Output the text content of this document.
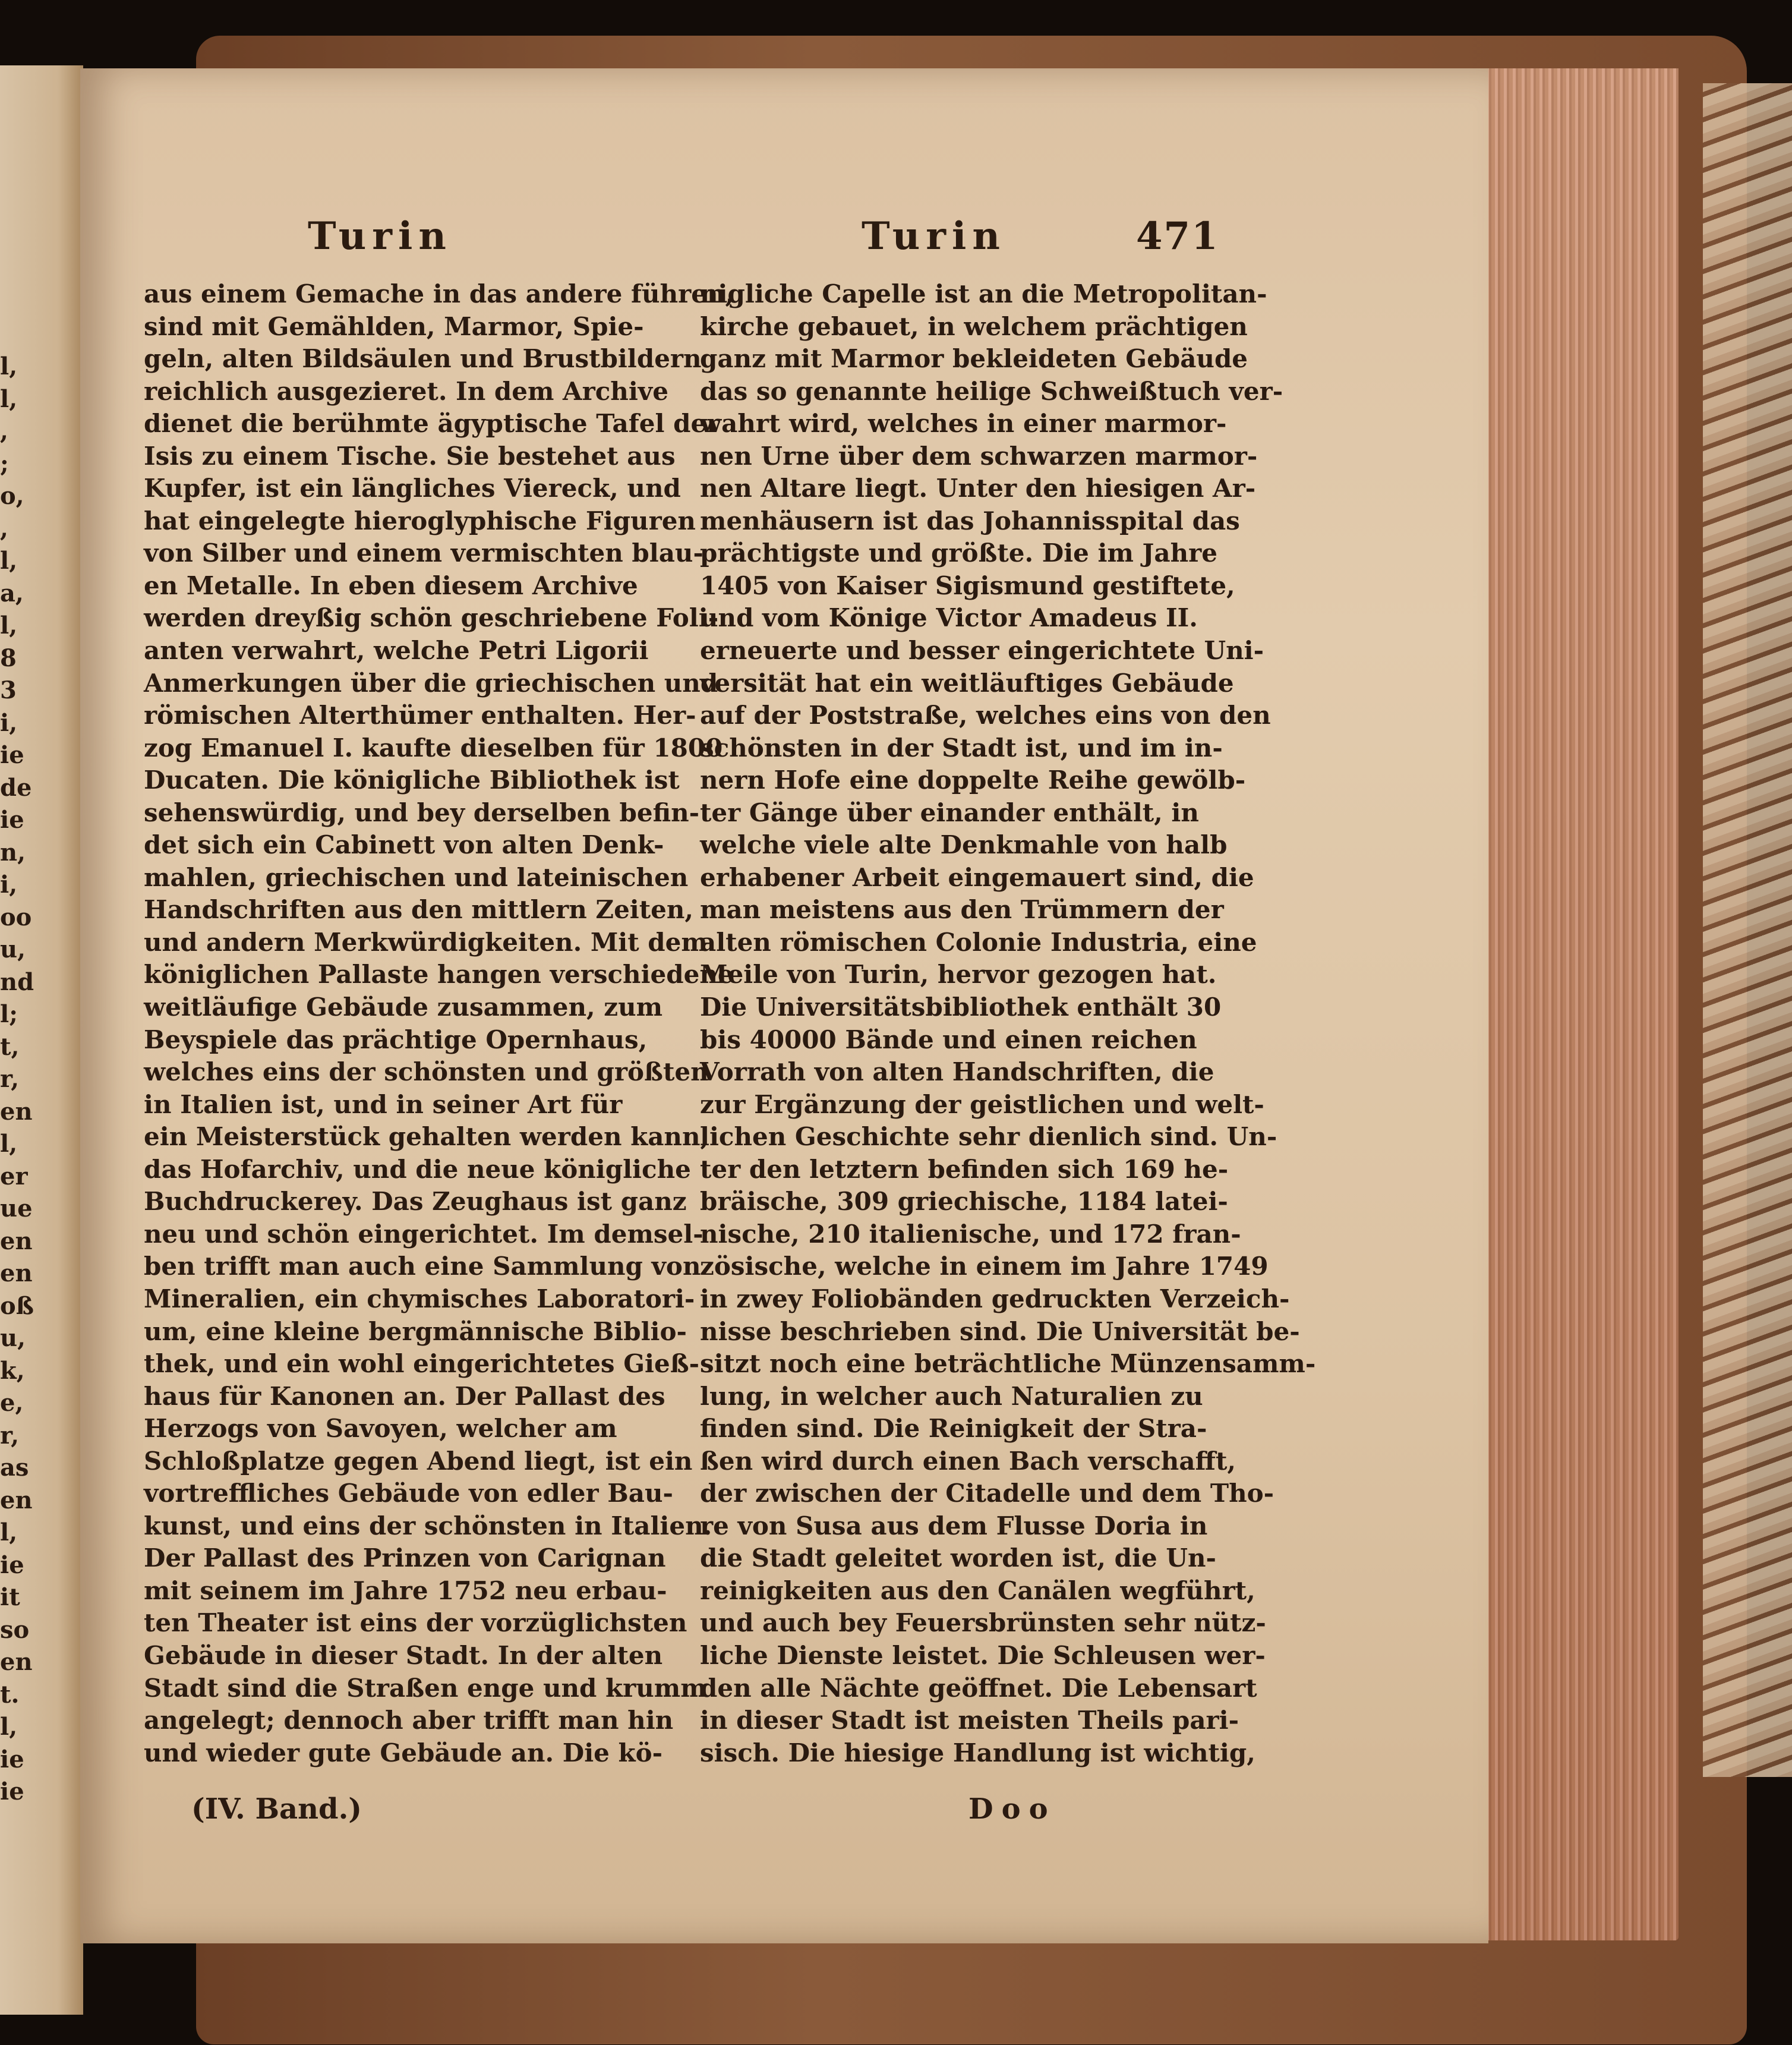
l,
l,
,
;
o,
,
l,
a,
l,
8
3
i,
ie
de
ie
n,
i,
oo
u,
nd
l;
t,
r,
en
l,
er
ue
en
en
oß
u,
k,
e,
r,
as
en
l,
ie
it
so
en
t.
l,
ie
ie
Turin	Turin	471
aus einem Gemache in das andere führen,
sind mit Gemählden, Marmor, Spie-
geln, alten Bildsäulen und Brustbildern
reichlich ausgezieret. In dem Archive
dienet die berühmte ägyptische Tafel der
Isis zu einem Tische. Sie bestehet aus
Kupfer, ist ein längliches Viereck, und
hat eingelegte hieroglyphische Figuren
von Silber und einem vermischten blau-
en Metalle. In eben diesem Archive
werden dreyßig schön geschriebene Foli-
anten verwahrt, welche Petri Ligorii
Anmerkungen über die griechischen und
römischen Alterthümer enthalten. Her-
zog Emanuel I. kaufte dieselben für 1800
Ducaten. Die königliche Bibliothek ist
sehenswürdig, und bey derselben befin-
det sich ein Cabinett von alten Denk-
mahlen, griechischen und lateinischen
Handschriften aus den mittlern Zeiten,
und andern Merkwürdigkeiten. Mit dem
königlichen Pallaste hangen verschiedene
weitläufige Gebäude zusammen, zum
Beyspiele das prächtige Opernhaus,
welches eins der schönsten und größten
in Italien ist, und in seiner Art für
ein Meisterstück gehalten werden kann,
das Hofarchiv, und die neue königliche
Buchdruckerey. Das Zeughaus ist ganz
neu und schön eingerichtet. Im demsel-
ben trifft man auch eine Sammlung von
Mineralien, ein chymisches Laboratori-
um, eine kleine bergmännische Biblio-
thek, und ein wohl eingerichtetes Gieß-
haus für Kanonen an. Der Pallast des
Herzogs von Savoyen, welcher am
Schloßplatze gegen Abend liegt, ist ein
vortreffliches Gebäude von edler Bau-
kunst, und eins der schönsten in Italien.
Der Pallast des Prinzen von Carignan
mit seinem im Jahre 1752 neu erbau-
ten Theater ist eins der vorzüglichsten
Gebäude in dieser Stadt. In der alten
Stadt sind die Straßen enge und krumm
angelegt; dennoch aber trifft man hin
und wieder gute Gebäude an. Die kö-
nigliche Capelle ist an die Metropolitan-
kirche gebauet, in welchem prächtigen
ganz mit Marmor bekleideten Gebäude
das so genannte heilige Schweißtuch ver-
wahrt wird, welches in einer marmor-
nen Urne über dem schwarzen marmor-
nen Altare liegt. Unter den hiesigen Ar-
menhäusern ist das Johannisspital das
prächtigste und größte. Die im Jahre
1405 von Kaiser Sigismund gestiftete,
und vom Könige Victor Amadeus II.
erneuerte und besser eingerichtete Uni-
versität hat ein weitläuftiges Gebäude
auf der Poststraße, welches eins von den
schönsten in der Stadt ist, und im in-
nern Hofe eine doppelte Reihe gewölb-
ter Gänge über einander enthält, in
welche viele alte Denkmahle von halb
erhabener Arbeit eingemauert sind, die
man meistens aus den Trümmern der
alten römischen Colonie Industria, eine
Meile von Turin, hervor gezogen hat.
Die Universitätsbibliothek enthält 30
bis 40000 Bände und einen reichen
Vorrath von alten Handschriften, die
zur Ergänzung der geistlichen und welt-
lichen Geschichte sehr dienlich sind. Un-
ter den letztern befinden sich 169 he-
bräische, 309 griechische, 1184 latei-
nische, 210 italienische, und 172 fran-
zösische, welche in einem im Jahre 1749
in zwey Foliobänden gedruckten Verzeich-
nisse beschrieben sind. Die Universität be-
sitzt noch eine beträchtliche Münzensamm-
lung, in welcher auch Naturalien zu
finden sind. Die Reinigkeit der Stra-
ßen wird durch einen Bach verschafft,
der zwischen der Citadelle und dem Tho-
re von Susa aus dem Flusse Doria in
die Stadt geleitet worden ist, die Un-
reinigkeiten aus den Canälen wegführt,
und auch bey Feuersbrünsten sehr nütz-
liche Dienste leistet. Die Schleusen wer-
den alle Nächte geöffnet. Die Lebensart
in dieser Stadt ist meisten Theils pari-
sisch. Die hiesige Handlung ist wichtig,
(IV. Band.)	Doo
